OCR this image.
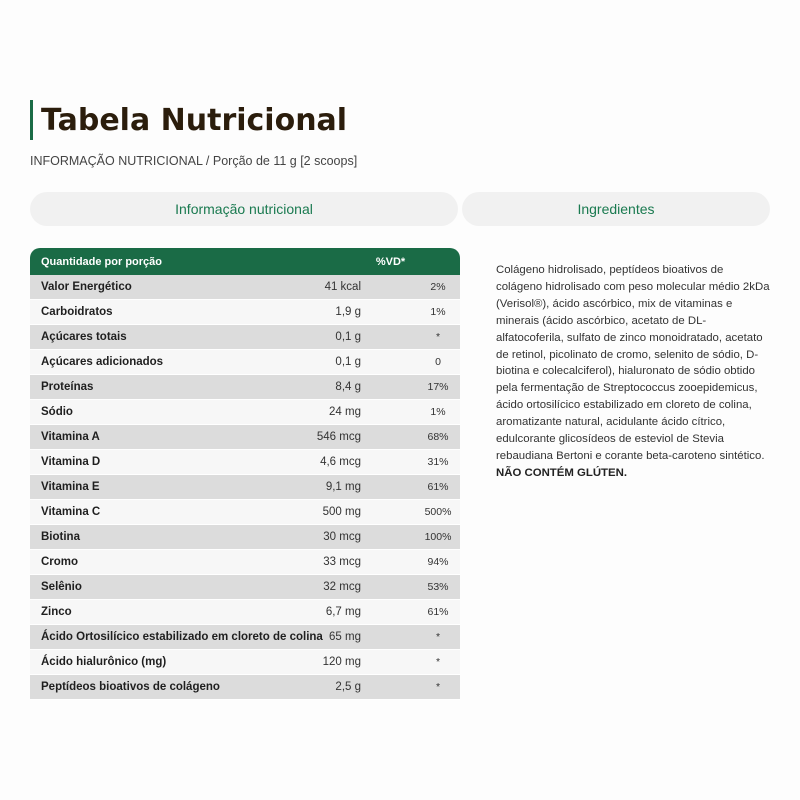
Tabela Nutricional
INFORMAÇÃO NUTRICIONAL / Porção de 11 g [2 scoops]
Informação nutricional	Ingredientes
Quantidade por porção	%VD*
Valor Energético	41 kcal	2%
Carboidratos	1,9 g	1%
Açúcares totais	0,1 g	*
Açúcares adicionados	0,1 g	0
Proteínas	8,4 g	17%
Sódio	24 mg	1%
Vitamina A	546 mcg	68%
Vitamina D	4,6 mcg	31%
Vitamina E	9,1 mg	61%
Vitamina C	500 mg	500%
Biotina	30 mcg	100%
Cromo	33 mcg	94%
Selênio	32 mcg	53%
Zinco	6,7 mg	61%
Ácido Ortosilícico estabilizado em cloreto de colina 65 mg	*
Ácido hialurônico (mg)	120 mg	*
Peptídeos bioativos de colágeno	2,5 g	*
Colágeno hidrolisado, peptídeos bioativos de colágeno hidrolisado com peso molecular médio 2kDa (Verisol®), ácido ascórbico, mix de vitaminas e minerais (ácido ascórbico, acetato de DL-alfatocoferila, sulfato de zinco monoidratado, acetato de retinol, picolinato de cromo, selenito de sódio, D-biotina e colecalciferol), hialuronato de sódio obtido pela fermentação de Streptococcus zooepidemicus, ácido ortosilícico estabilizado em cloreto de colina, aromatizante natural, acidulante ácido cítrico, edulcorante glicosídeos de esteviol de Stevia rebaudiana Bertoni e corante beta-caroteno sintético. NÃO CONTÉM GLÚTEN.
